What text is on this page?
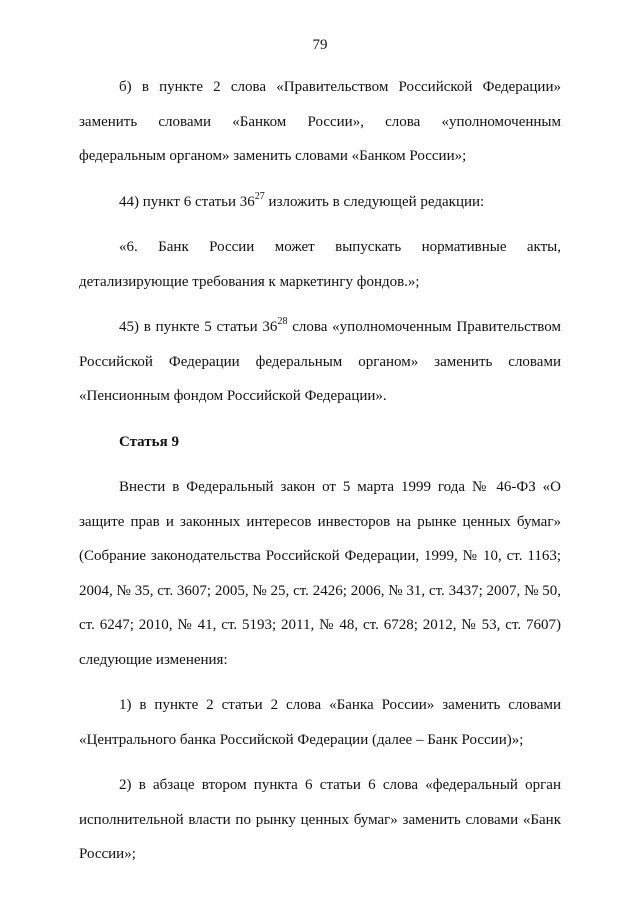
79

б) в пункте 2 слова «Правительством Российской Федерации» заменить словами «Банком России», слова «уполномоченным федеральным органом» заменить словами «Банком России»;

44) пункт 6 статьи $36^{27}$ изложить в следующей редакции:

«6. Банк России может выпускать нормативные акты, детализирующие требования к маркетингу фондов.»;

45) в пункте 5 статьи $36^{28}$ слова «уполномоченным Правительством Российской Федерации федеральным органом» заменить словами «Пенсионным фондом Российской Федерации».

Статья 9

Внести в Федеральный закон от 5 марта 1999 года № 46-ФЗ «О защите прав и законных интересов инвесторов на рынке ценных бумаг» (Собрание законодательства Российской Федерации, 1999, № 10, ст. 1163; 2004, № 35, ст. 3607; 2005, № 25, ст. 2426; 2006, № 31, ст. 3437; 2007, № 50, ст. 6247; 2010, № 41, ст. 5193; 2011, № 48, ст. 6728; 2012, № 53, ст. 7607) следующие изменения:

1) в пункте 2 статьи 2 слова «Банка России» заменить словами «Центрального банка Российской Федерации (далее – Банк России)»;

2) в абзаце втором пункта 6 статьи 6 слова «федеральный орган исполнительной власти по рынку ценных бумаг» заменить словами «Банк России»;
